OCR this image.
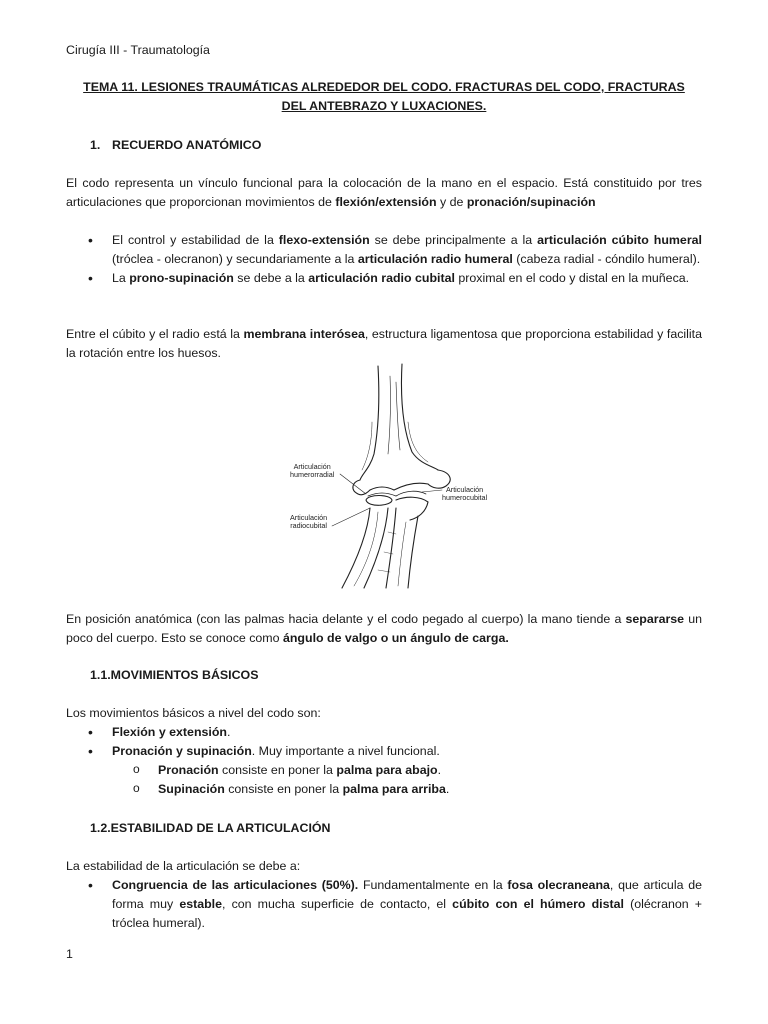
Cirugía III - Traumatología
TEMA 11. LESIONES TRAUMÁTICAS ALREDEDOR DEL CODO. FRACTURAS DEL CODO, FRACTURAS
DEL ANTEBRAZO Y LUXACIONES.
1. RECUERDO ANATÓMICO
El codo representa un vínculo funcional para la colocación de la mano en el espacio. Está constituido por tres articulaciones que proporcionan movimientos de flexión/extensión y de pronación/supinación
• El control y estabilidad de la flexo-extensión se debe principalmente a la articulación cúbito humeral (tróclea - olecranon) y secundariamente a la articulación radio humeral (cabeza radial - cóndilo humeral).
• La prono-supinación se debe a la articulación radio cubital proximal en el codo y distal en la muñeca.
Entre el cúbito y el radio está la membrana interósea, estructura ligamentosa que proporciona estabilidad y facilita la rotación entre los huesos.
Articulación
humerorradial
Articulación
humerocubital
Articulación
radiocubital
En posición anatómica (con las palmas hacia delante y el codo pegado al cuerpo) la mano tiende a separarse un poco del cuerpo. Esto se conoce como ángulo de valgo o un ángulo de carga.
1.1.MOVIMIENTOS BÁSICOS
Los movimientos básicos a nivel del codo son:
• Flexión y extensión.
• Pronación y supinación. Muy importante a nivel funcional.
o Pronación consiste en poner la palma para abajo.
o Supinación consiste en poner la palma para arriba.
1.2.ESTABILIDAD DE LA ARTICULACIÓN
La estabilidad de la articulación se debe a:
• Congruencia de las articulaciones (50%). Fundamentalmente en la fosa olecraneana, que articula de forma muy estable, con mucha superficie de contacto, el cúbito con el húmero distal (olécranon + tróclea humeral).
1
